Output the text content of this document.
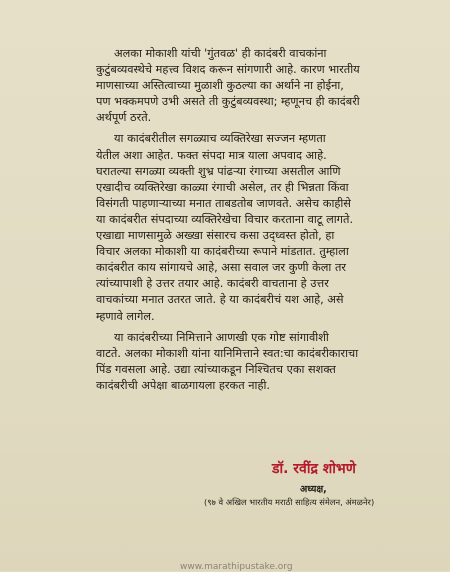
अलका मोकाशी यांची 'गुंतवळ' ही कादंबरी वाचकांना
कुटुंबव्यवस्थेचे महत्त्व विशद करून सांगणारी आहे. कारण भारतीय
माणसाच्या अस्तित्वाच्या मुळाशी कुठल्या का अर्थाने ना होईना,
पण भक्कमपणे उभी असते ती कुटुंबव्यवस्था; म्हणूनच ही कादंबरी
अर्थपूर्ण ठरते.

या कादंबरीतील सगळ्याच व्यक्तिरेखा सज्जन म्हणता
येतील अशा आहेत. फक्त संपदा मात्र याला अपवाद आहे.
घरातल्या सगळ्या व्यक्ती शुभ्र पांढऱ्या रंगाच्या असतील आणि
एखादीच व्यक्तिरेखा काळ्या रंगाची असेल, तर ही भिन्नता किंवा
विसंगती पाहणाऱ्याच्या मनात ताबडतोब जाणवते. असेच काहीसे
या कादंबरीत संपदाच्या व्यक्तिरेखेचा विचार करताना वाटू लागते.
एखाद्या माणसामुळे अख्खा संसारच कसा उद्ध्वस्त होतो, हा
विचार अलका मोकाशी या कादंबरीच्या रूपाने मांडतात. तुम्हाला
कादंबरीत काय सांगायचे आहे, असा सवाल जर कुणी केला तर
त्यांच्यापाशी हे उत्तर तयार आहे. कादंबरी वाचताना हे उत्तर
वाचकांच्या मनात उतरत जाते. हे या कादंबरीचं यश आहे, असे
म्हणावे लागेल.

या कादंबरीच्या निमित्ताने आणखी एक गोष्ट सांगावीशी
वाटते. अलका मोकाशी यांना यानिमित्ताने स्वत:चा कादंबरीकाराचा
पिंड गवसला आहे. उद्या त्यांच्याकडून निश्चितच एका सशक्त
कादंबरीची अपेक्षा बाळगायला हरकत नाही.

डॉ. रवींद्र शोभणे
अध्यक्ष,
(९७ वे अखिल भारतीय मराठी साहित्य संमेलन, अंमळनेर)
www.marathipustake.org
